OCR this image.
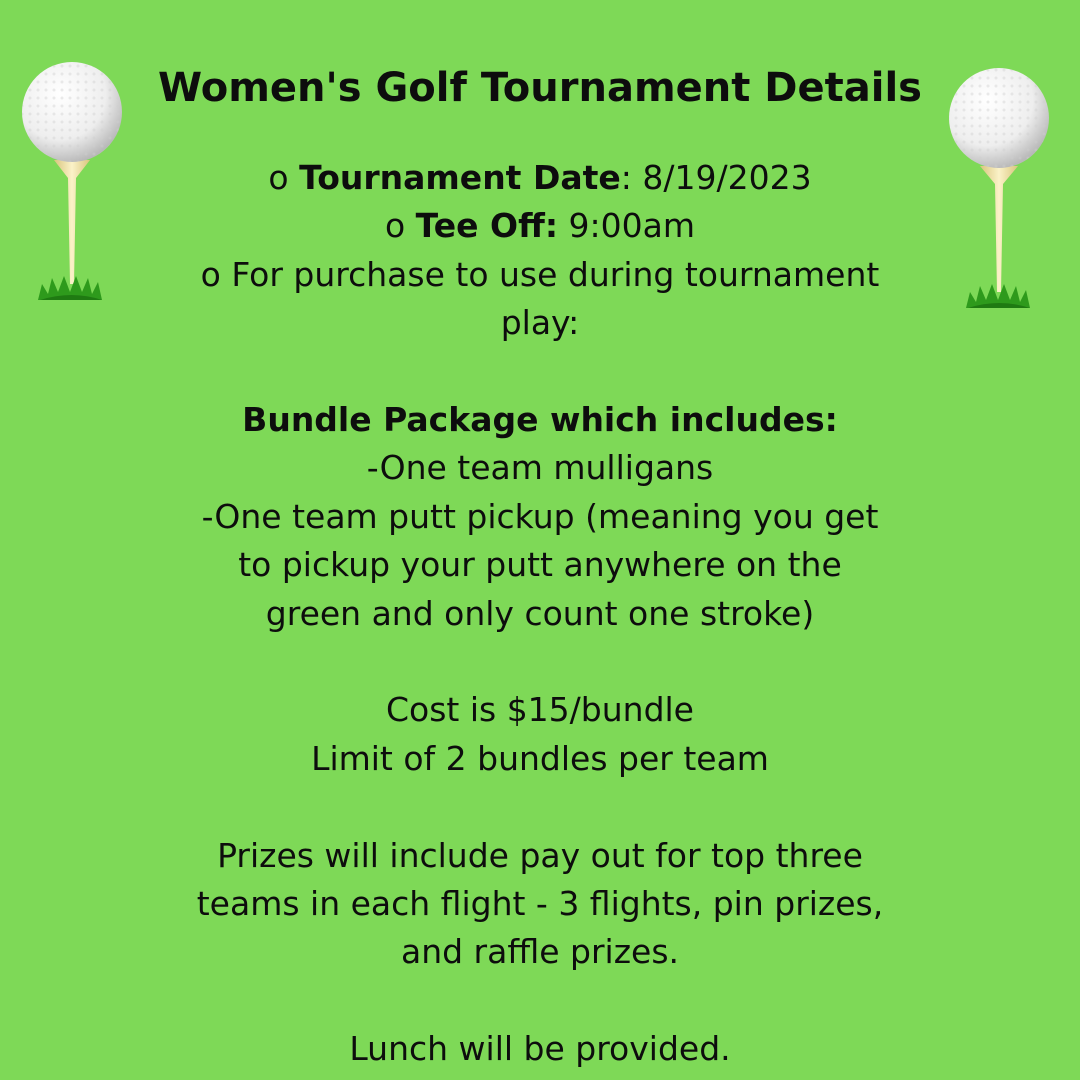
Women's Golf Tournament Details

o Tournament Date: 8/19/2023

o Tee Off: 9:00am

o For purchase to use during tournament play:

Bundle Package which includes:

-One team mulligans

-One team putt pickup (meaning you get to pickup your putt anywhere on the green and only count one stroke)

Cost is $15/bundle

Limit of 2 bundles per team

Prizes will include pay out for top three teams in each flight - 3 flights, pin prizes, and raffle prizes.

Lunch will be provided.
